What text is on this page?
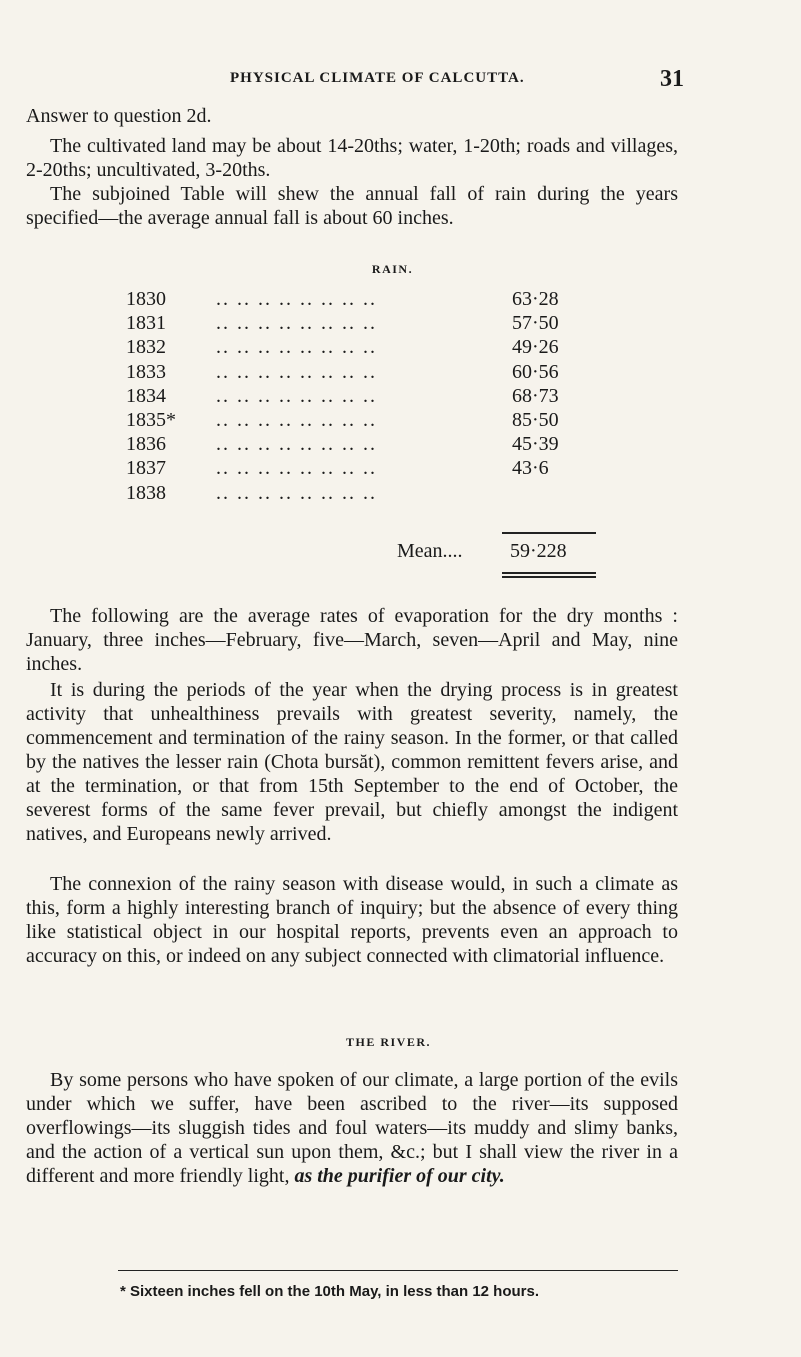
PHYSICAL CLIMATE OF CALCUTTA.	31

Answer to question 2d.

The cultivated land may be about 14-20ths; water, 1-20th; roads and villages, 2-20ths; uncultivated, 3-20ths.

The subjoined Table will shew the annual fall of rain during the years specified—the average annual fall is about 60 inches.

RAIN.
1830	.. .. .. .. .. .. .. ..	63·28
1831	.. .. .. .. .. .. .. ..	57·50
1832	.. .. .. .. .. .. .. ..	49·26
1833	.. .. .. .. .. .. .. ..	60·56
1834	.. .. .. .. .. .. .. ..	68·73
1835* .. .. .. .. .. .. .. ..	85·50
1836	.. .. .. .. .. .. .. ..	45·39
1837	.. .. .. .. .. .. .. ..	43·6
1838	.. .. .. .. .. .. .. ..
Mean.... 59·228

The following are the average rates of evaporation for the dry months : January, three inches—February, five—March, seven—April and May, nine inches.

It is during the periods of the year when the drying process is in greatest activity that unhealthiness prevails with greatest severity, namely, the commencement and termination of the rainy season. In the former, or that called by the natives the lesser rain (Chota bursăt), common remittent fevers arise, and at the termination, or that from 15th September to the end of October, the severest forms of the same fever prevail, but chiefly amongst the indigent natives, and Europeans newly arrived.

The connexion of the rainy season with disease would, in such a climate as this, form a highly interesting branch of inquiry; but the absence of every thing like statistical object in our hospital reports, prevents even an approach to accuracy on this, or indeed on any subject connected with climatorial influence.

THE RIVER.

By some persons who have spoken of our climate, a large portion of the evils under which we suffer, have been ascribed to the river—its supposed overflowings—its sluggish tides and foul waters—its muddy and slimy banks, and the action of a vertical sun upon them, &c.; but I shall view the river in a different and more friendly light, as the purifier of our city.

* Sixteen inches fell on the 10th May, in less than 12 hours.
